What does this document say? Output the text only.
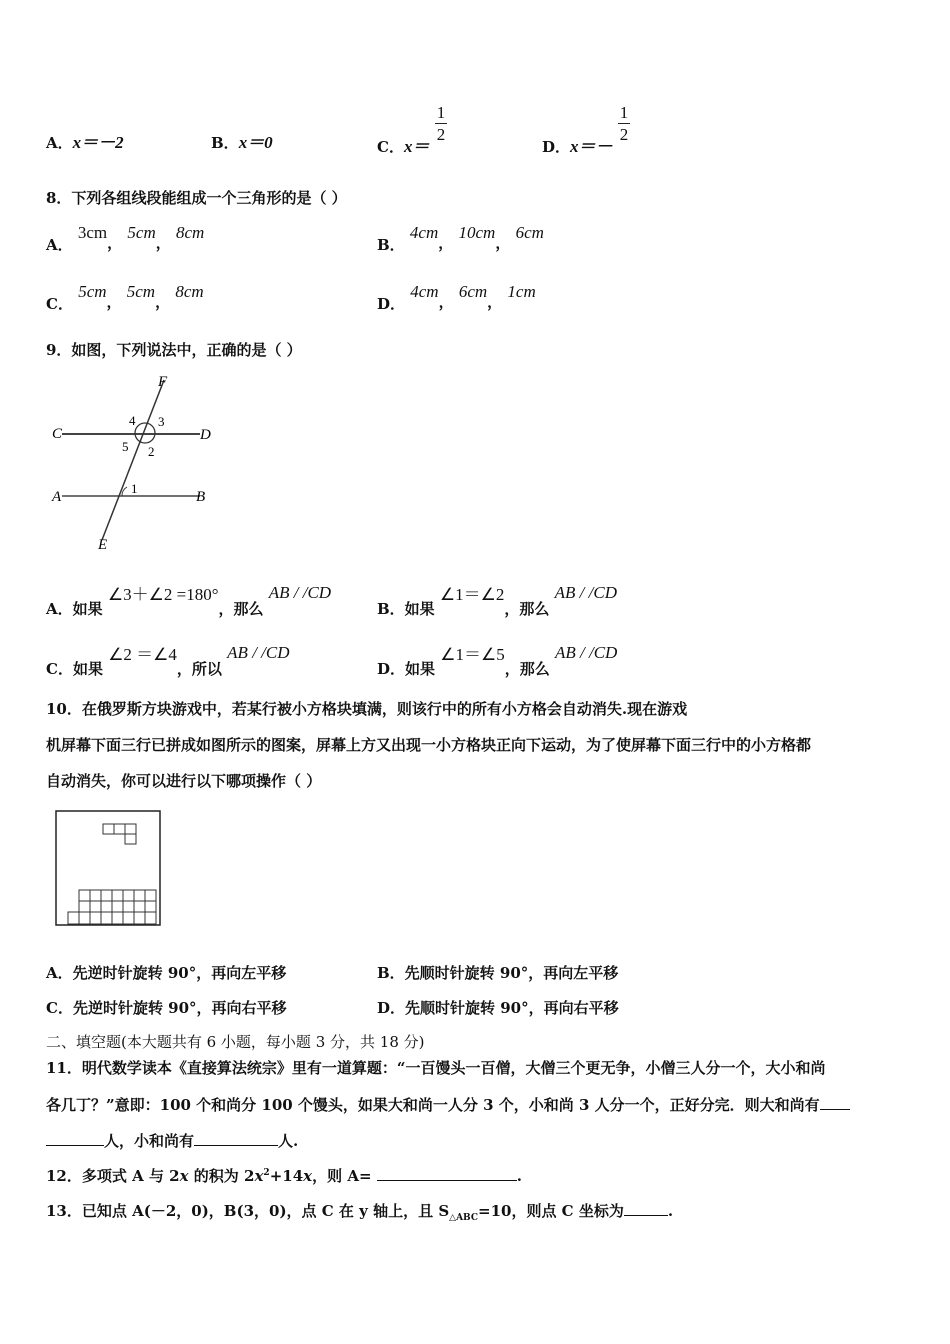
A．x＝－2	B．x＝0	C．x＝
$\frac{1}{2}$
D．x＝－
$\frac{1}{2}$
8．下列各组线段能组成一个三角形的是（ ）
A． 3cm， 5cm， 8cm
B． 4cm， 10cm， 6cm
C． 5cm， 5cm， 8cm
D． 4cm， 6cm， 1cm
9．如图，下列说法中，正确的是（ ）
F
C	D
A	B
E
4 3
5 2
1
A．如果 ∠3＋∠2 =180°，那么 AB / /CD
B．如果 ∠1＝∠2，那么 AB / /CD
C．如果 ∠2 ＝∠4，所以 AB / /CD
D．如果 ∠1＝∠5，那么 AB / /CD
10．在俄罗斯方块游戏中，若某行被小方格块填满，则该行中的所有小方格会自动消失.现在游戏
机屏幕下面三行已拼成如图所示的图案，屏幕上方又出现一小方格块正向下运动，为了使屏幕下面三行中的小方格都
自动消失，你可以进行以下哪项操作（ ）
A．先逆时针旋转 90°，再向左平移	B．先顺时针旋转 90°，再向左平移
C．先逆时针旋转 90°，再向右平移	D．先顺时针旋转 90°，再向右平移
二、填空题(本大题共有 6 小题，每小题 3 分，共 18 分)
11．明代数学读本《直接算法统宗》里有一道算题：“一百馒头一百僧，大僧三个更无争，小僧三人分一个，大小和尚
各几丁？”意即：100 个和尚分 100 个馒头，如果大和尚一人分 3 个，小和尚 3 人分一个，正好分完．则大和尚有
人，小和尚有	人.
12．多项式 A 与 2x 的积为 $2x^2+14x$，则 A=	.
13．已知点 A(－2，0)，B(3，0)，点 C 在 y 轴上，且 $S_{\triangle ABC}=10$，则点 C 坐标为	.
